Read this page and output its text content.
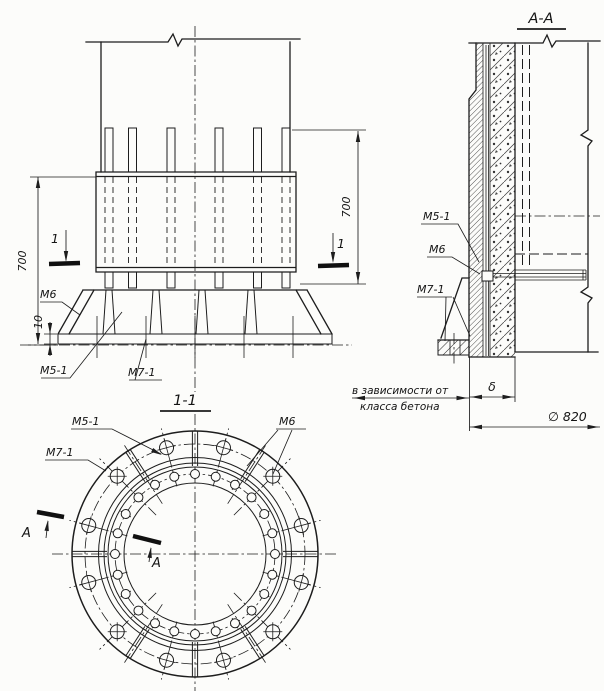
М6
М5-1	М7-1
700
700
10
1	1
А-А
М5-1
М6
М7-1
δ
∅ 820
в зависимости от
класса бетона
1-1
М5-1	М6
М7-1
А
А
